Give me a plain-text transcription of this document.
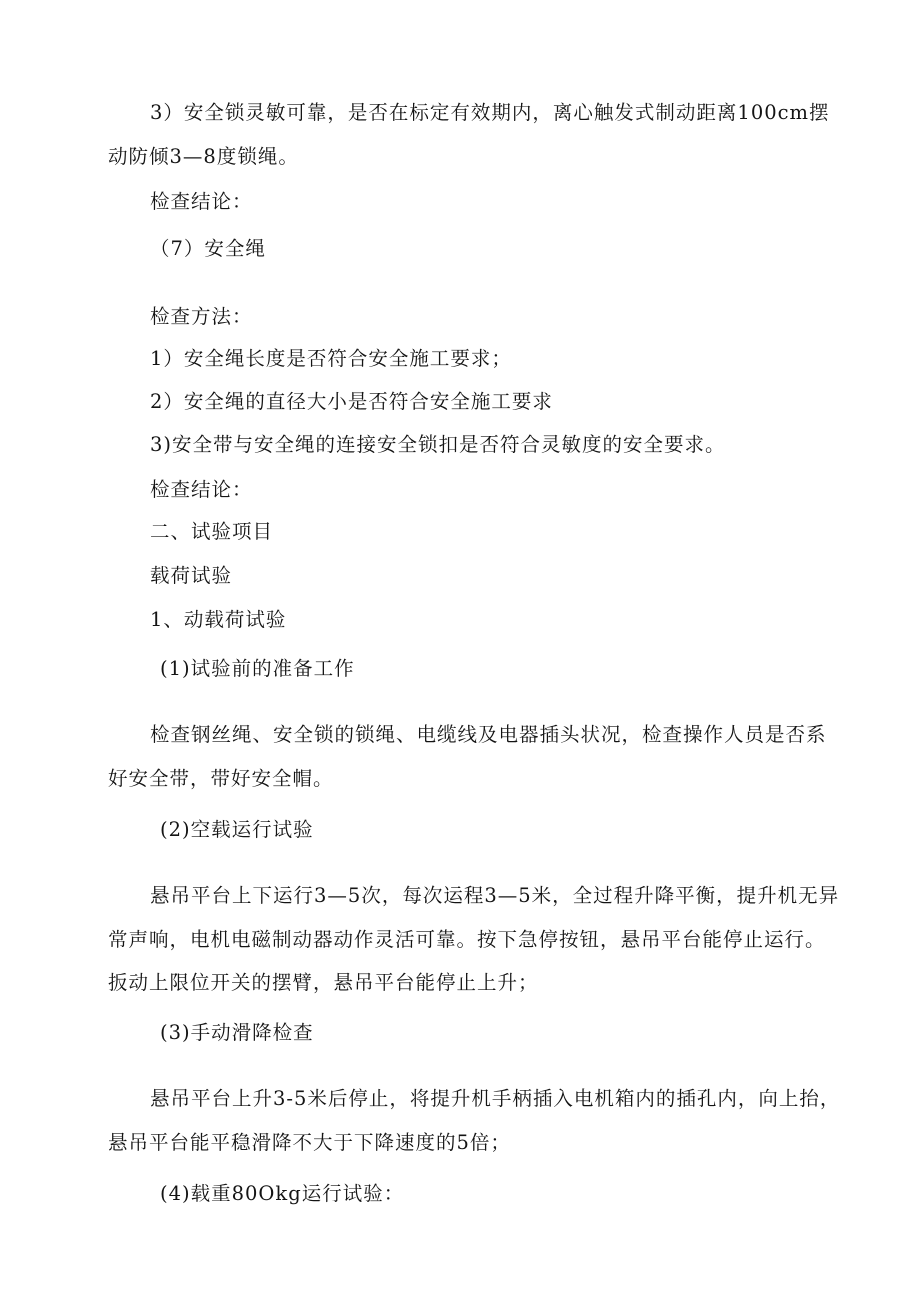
3）安全锁灵敏可靠，是否在标定有效期内，离心触发式制动距离100cm摆

动防倾3—8度锁绳。

检查结论：

（7）安全绳

检查方法：

1）安全绳长度是否符合安全施工要求；

2）安全绳的直径大小是否符合安全施工要求

3)安全带与安全绳的连接安全锁扣是否符合灵敏度的安全要求。

检查结论：

二、试验项目

载荷试验

1、动载荷试验

(1)试验前的准备工作

检查钢丝绳、安全锁的锁绳、电缆线及电器插头状况，检查操作人员是否系

好安全带，带好安全帽。

(2)空载运行试验

悬吊平台上下运行3—5次，每次运程3—5米，全过程升降平衡，提升机无异

常声响，电机电磁制动器动作灵活可靠。按下急停按钮，悬吊平台能停止运行。

扳动上限位开关的摆臂，悬吊平台能停止上升；

(3)手动滑降检查

悬吊平台上升3-5米后停止，将提升机手柄插入电机箱内的插孔内，向上抬，

悬吊平台能平稳滑降不大于下降速度的5倍；

(4)载重80Okg运行试验：
